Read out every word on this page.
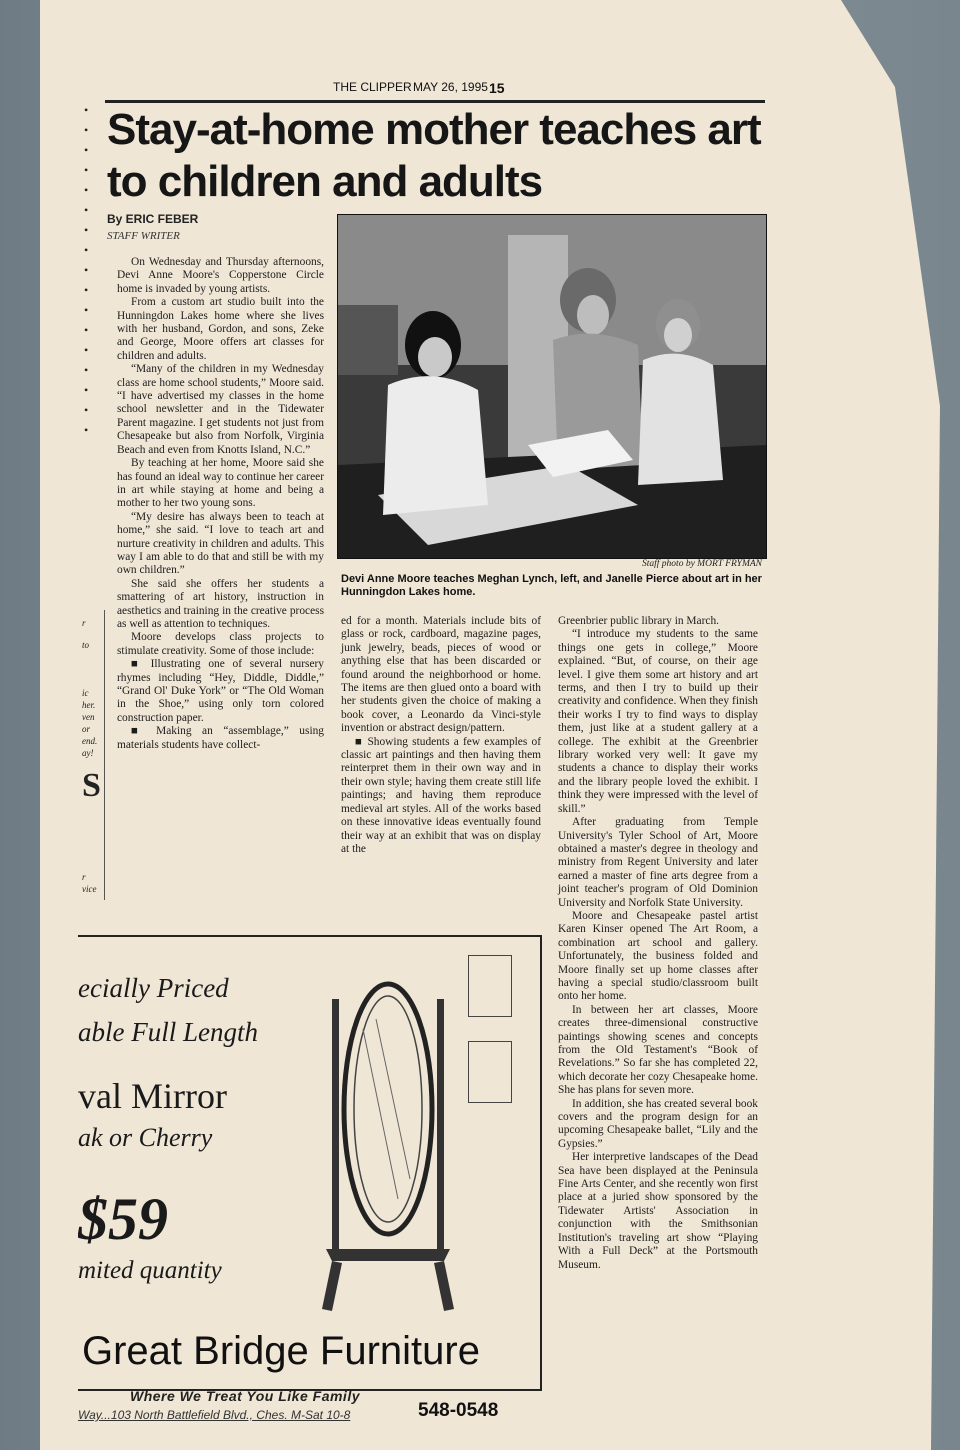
THE CLIPPER MAY 26, 1995 15
•
•
•
•
•
•
•
•
•
•
•
•
•
•
•
•
•
Stay-at-home mother teaches art to children and adults
By ERIC FEBER
STAFF WRITER

On Wednesday and Thursday afternoons, Devi Anne Moore's Copperstone Circle home is invaded by young artists.

From a custom art studio built into the Hunningdon Lakes home where she lives with her husband, Gordon, and sons, Zeke and George, Moore offers art classes for children and adults.

“Many of the children in my Wednesday class are home school students,” Moore said. “I have advertised my classes in the home school newsletter and in the Tidewater Parent magazine. I get students not just from Chesapeake but also from Norfolk, Virginia Beach and even from Knotts Island, N.C.”

By teaching at her home, Moore said she has found an ideal way to continue her career in art while staying at home and being a mother to her two young sons.

“My desire has always been to teach at home,” she said. “I love to teach art and nurture creativity in children and adults. This way I am able to do that and still be with my own children.”

She said she offers her students a smattering of art history, instruction in aesthetics and training in the creative process as well as attention to techniques.

Moore develops class projects to stimulate creativity. Some of those include:

■ Illustrating one of several nursery rhymes including “Hey, Diddle, Diddle,” “Grand Ol' Duke York” or “The Old Woman in the Shoe,” using only torn colored construction paper.

■ Making an “assemblage,” using materials students have collect-

Staff photo by MORT FRYMAN
Devi Anne Moore teaches Meghan Lynch, left, and Janelle Pierce about art in her Hunningdon Lakes home.

ed for a month. Materials include bits of glass or rock, cardboard, magazine pages, junk jewelry, beads, pieces of wood or anything else that has been discarded or found around the neighborhood or home. The items are then glued onto a board with her students given the choice of making a book cover, a Leonardo da Vinci-style invention or abstract design/pattern.

■ Showing students a few examples of classic art paintings and then having them reinterpret them in their own way and in their own style; having them create still life paintings; and having them reproduce medieval art styles. All of the works based on these innovative ideas eventually found their way at an exhibit that was on display at the

Greenbrier public library in March.

“I introduce my students to the same things one gets in college,” Moore explained. “But, of course, on their age level. I give them some art history and art terms, and then I try to build up their creativity and confidence. When they finish their works I try to find ways to display them, just like at a student gallery at a college. The exhibit at the Greenbrier library worked very well: It gave my students a chance to display their works and the library people loved the exhibit. I think they were impressed with the level of skill.”

After graduating from Temple University's Tyler School of Art, Moore obtained a master's degree in theology and ministry from Regent University and later earned a master of fine arts degree from a joint teacher's program of Old Dominion University and Norfolk State University.

Moore and Chesapeake pastel artist Karen Kinser opened The Art Room, a combination art school and gallery. Unfortunately, the business folded and Moore finally set up home classes after having a special studio/classroom built onto her home.

In between her art classes, Moore creates three-dimensional constructive paintings showing scenes and concepts from the Old Testament's “Book of Revelations.” So far she has completed 22, which decorate her cozy Chesapeake home. She has plans for seven more.

In addition, she has created several book covers and the program design for an upcoming Chesapeake ballet, “Lily and the Gypsies.”

Her interpretive landscapes of the Dead Sea have been displayed at the Peninsula Fine Arts Center, and she recently won first place at a juried show sponsored by the Tidewater Artists' Association in conjunction with the Smithsonian Institution's traveling art show “Playing With a Full Deck” at the Portsmouth Museum.

r
to
ic
her.
ven
or
end.
ay!
S
r
vice
ecially Priced
able Full Length
val Mirror
ak or Cherry
$59
mited quantity
Great Bridge Furniture
Where We Treat You Like Family
Way...103 North Battlefield Blvd., Ches. M-Sat 10-8	548-0548
